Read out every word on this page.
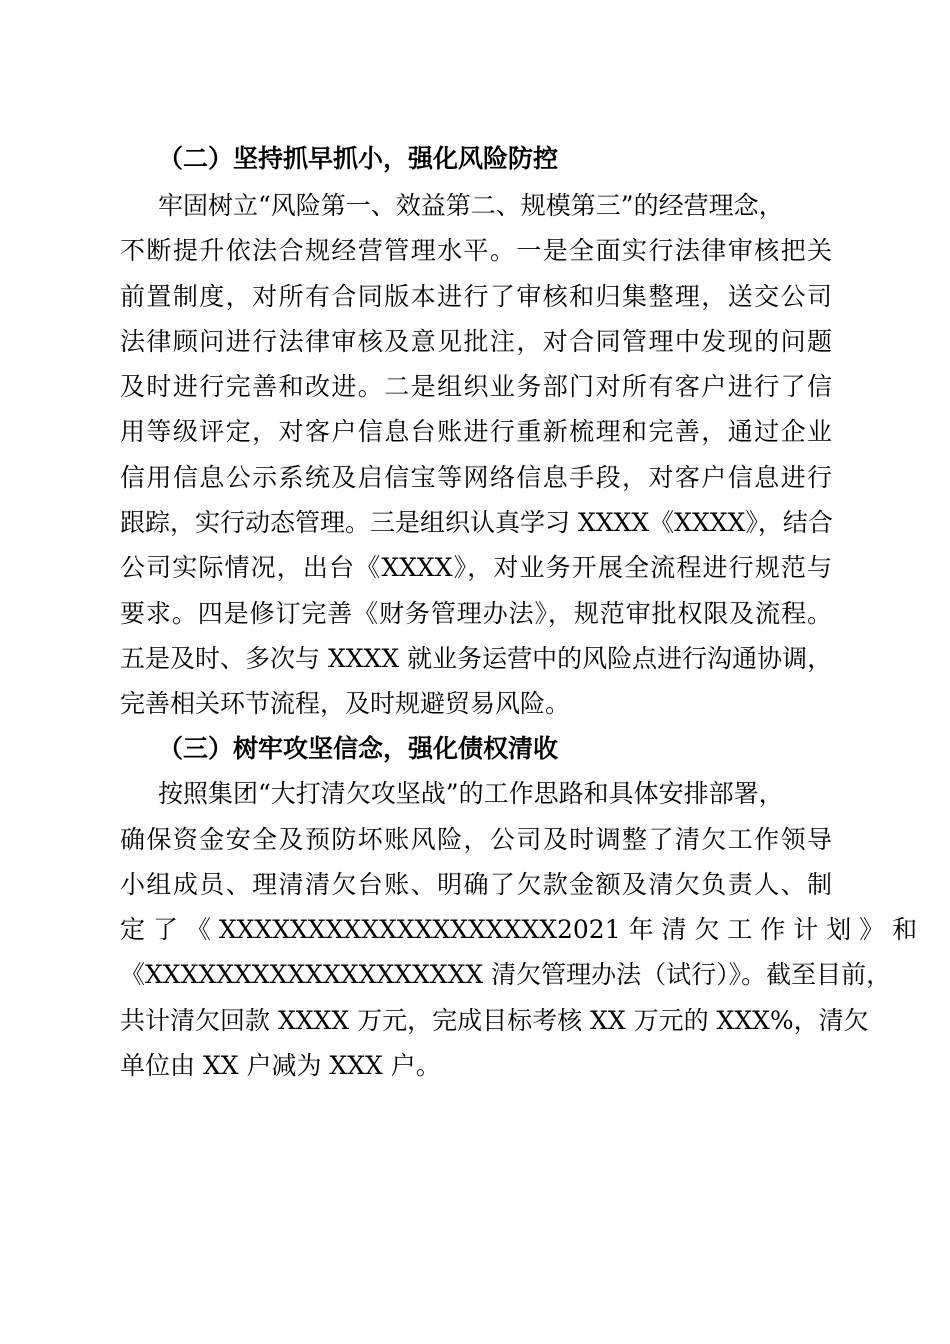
（二）坚持抓早抓小，强化风险防控
牢固树立“风险第一、效益第二、规模第三”的经营理念，
不断提升依法合规经营管理水平。一是全面实行法律审核把关
前置制度，对所有合同版本进行了审核和归集整理，送交公司
法律顾问进行法律审核及意见批注，对合同管理中发现的问题
及时进行完善和改进。二是组织业务部门对所有客户进行了信
用等级评定，对客户信息台账进行重新梳理和完善，通过企业
信用信息公示系统及启信宝等网络信息手段，对客户信息进行
跟踪，实行动态管理。三是组织认真学习 XXXX《XXXX》，结合
公司实际情况，出台《XXXX》，对业务开展全流程进行规范与
要求。四是修订完善《财务管理办法》，规范审批权限及流程。
五是及时、多次与 XXXX 就业务运营中的风险点进行沟通协调，
完善相关环节流程，及时规避贸易风险。
（三）树牢攻坚信念，强化债权清收
按照集团“大打清欠攻坚战”的工作思路和具体安排部署，
确保资金安全及预防坏账风险，公司及时调整了清欠工作领导
小组成员、理清清欠台账、明确了欠款金额及清欠负责人、制
定 了 《 XXXXXXXXXXXXXXXXXXX2021 年 清 欠 工 作 计 划 》 和
《XXXXXXXXXXXXXXXXXXX 清欠管理办法（试行）》。截至目前，
共计清欠回款 XXXX 万元，完成目标考核 XX 万元的 XXX%，清欠
单位由 XX 户减为 XXX 户。
